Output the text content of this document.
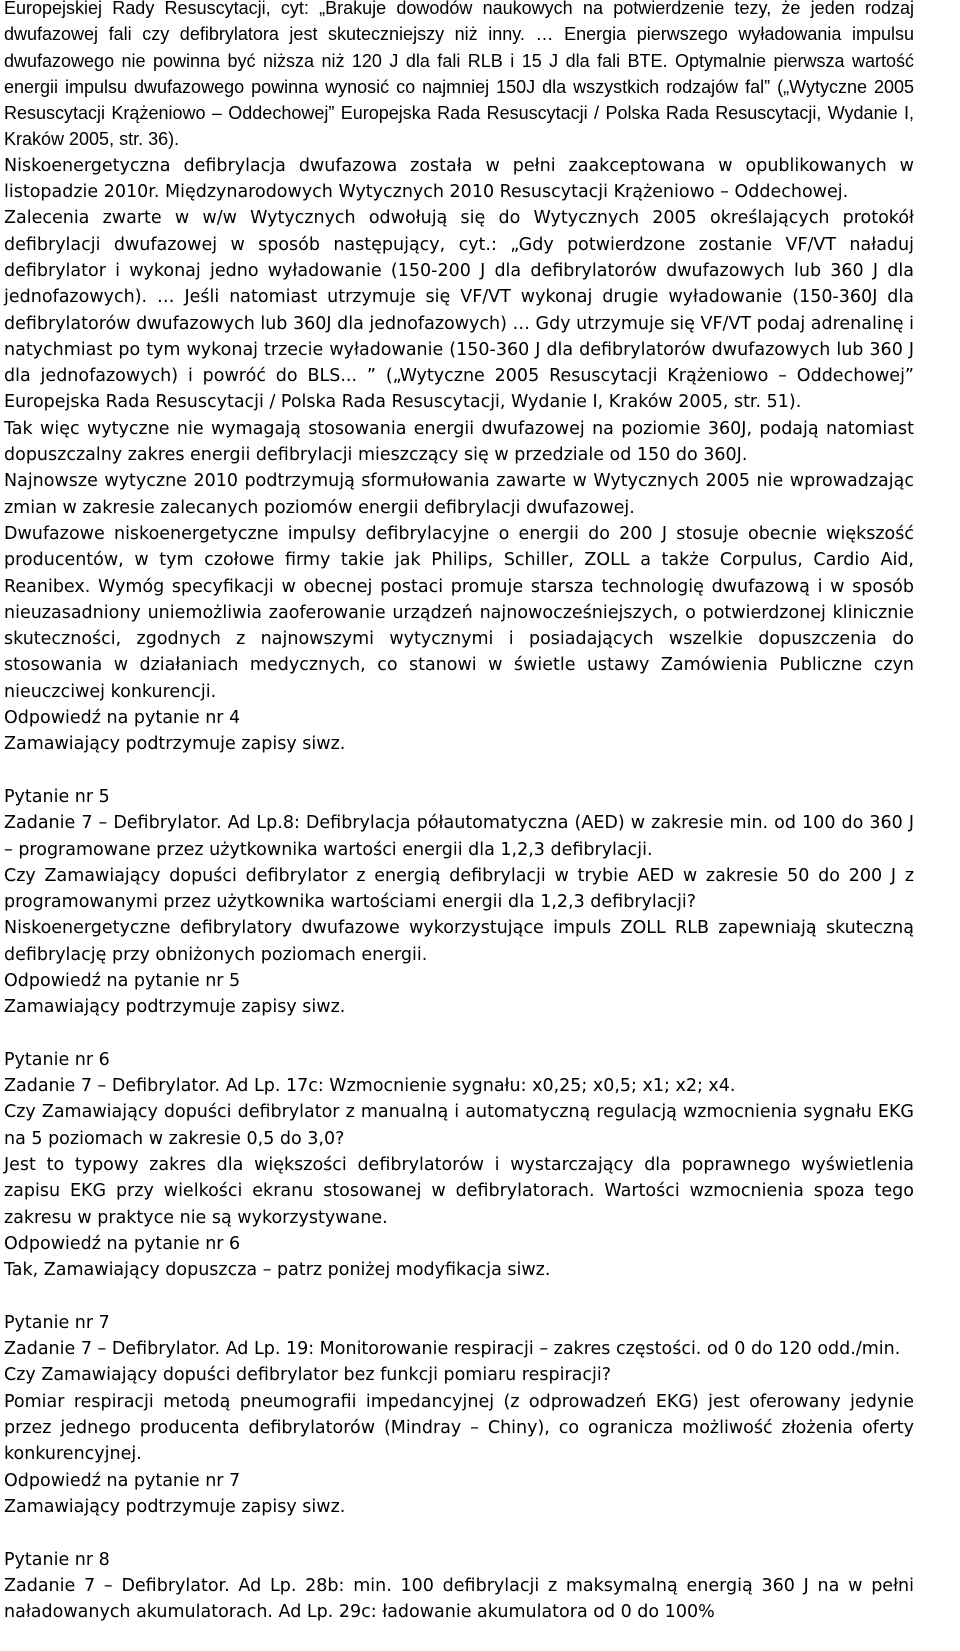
Europejskiej Rady Resuscytacji, cyt: „Brakuje dowodów naukowych na potwierdzenie tezy, że jeden rodzaj dwufazowej fali czy defibrylatora jest skuteczniejszy niż inny. … Energia pierwszego wyładowania impulsu dwufazowego nie powinna być niższa niż 120 J dla fali RLB i 15 J dla fali BTE. Optymalnie pierwsza wartość energii impulsu dwufazowego powinna wynosić co najmniej 150J dla wszystkich rodzajów fal” („Wytyczne 2005 Resuscytacji Krążeniowo – Oddechowej” Europejska Rada Resuscytacji / Polska Rada Resuscytacji, Wydanie I, Kraków 2005, str. 36).

Niskoenergetyczna defibrylacja dwufazowa została w pełni zaakceptowana w opublikowanych w listopadzie 2010r. Międzynarodowych Wytycznych 2010 Resuscytacji Krążeniowo – Oddechowej.

Zalecenia zwarte w w/w Wytycznych odwołują się do Wytycznych 2005 określających protokół defibrylacji dwufazowej w sposób następujący, cyt.: „Gdy potwierdzone zostanie VF/VT naładuj defibrylator i wykonaj jedno wyładowanie (150-200 J dla defibrylatorów dwufazowych lub 360 J dla jednofazowych). … Jeśli natomiast utrzymuje się VF/VT wykonaj drugie wyładowanie (150-360J dla defibrylatorów dwufazowych lub 360J dla jednofazowych) … Gdy utrzymuje się VF/VT podaj adrenalinę i natychmiast po tym wykonaj trzecie wyładowanie (150-360 J dla defibrylatorów dwufazowych lub 360 J dla jednofazowych) i powróć do BLS... ” („Wytyczne 2005 Resuscytacji Krążeniowo – Oddechowej” Europejska Rada Resuscytacji / Polska Rada Resuscytacji, Wydanie I, Kraków 2005, str. 51).

Tak więc wytyczne nie wymagają stosowania energii dwufazowej na poziomie 360J, podają natomiast dopuszczalny zakres energii defibrylacji mieszczący się w przedziale od 150 do 360J.

Najnowsze wytyczne 2010 podtrzymują sformułowania zawarte w Wytycznych 2005 nie wprowadzając zmian w zakresie zalecanych poziomów energii defibrylacji dwufazowej.

Dwufazowe niskoenergetyczne impulsy defibrylacyjne o energii do 200 J stosuje obecnie większość producentów, w tym czołowe firmy takie jak Philips, Schiller, ZOLL a także Corpulus, Cardio Aid, Reanibex. Wymóg specyfikacji w obecnej postaci promuje starsza technologię dwufazową i w sposób nieuzasadniony uniemożliwia zaoferowanie urządzeń najnowocześniejszych, o potwierdzonej klinicznie skuteczności, zgodnych z najnowszymi wytycznymi i posiadających wszelkie dopuszczenia do stosowania w działaniach medycznych, co stanowi w świetle ustawy Zamówienia Publiczne czyn nieuczciwej konkurencji.

Odpowiedź na pytanie nr 4

Zamawiający podtrzymuje zapisy siwz.

Pytanie nr 5

Zadanie 7 – Defibrylator. Ad Lp.8: Defibrylacja półautomatyczna (AED) w zakresie min. od 100 do 360 J – programowane przez użytkownika wartości energii dla 1,2,3 defibrylacji.

Czy Zamawiający dopuści defibrylator z energią defibrylacji w trybie AED w zakresie 50 do 200 J z programowanymi przez użytkownika wartościami energii dla 1,2,3 defibrylacji?

Niskoenergetyczne defibrylatory dwufazowe wykorzystujące impuls ZOLL RLB zapewniają skuteczną defibrylację przy obniżonych poziomach energii.

Odpowiedź na pytanie nr 5

Zamawiający podtrzymuje zapisy siwz.

Pytanie nr 6

Zadanie 7 – Defibrylator. Ad Lp. 17c: Wzmocnienie sygnału: x0,25; x0,5; x1; x2; x4.

Czy Zamawiający dopuści defibrylator z manualną i automatyczną regulacją wzmocnienia sygnału EKG na 5 poziomach w zakresie 0,5 do 3,0?

Jest to typowy zakres dla większości defibrylatorów i wystarczający dla poprawnego wyświetlenia zapisu EKG przy wielkości ekranu stosowanej w defibrylatorach. Wartości wzmocnienia spoza tego zakresu w praktyce nie są wykorzystywane.

Odpowiedź na pytanie nr 6

Tak, Zamawiający dopuszcza – patrz poniżej modyfikacja siwz.

Pytanie nr 7

Zadanie 7 – Defibrylator. Ad Lp. 19: Monitorowanie respiracji – zakres częstości. od 0 do 120 odd./min.

Czy Zamawiający dopuści defibrylator bez funkcji pomiaru respiracji?

Pomiar respiracji metodą pneumografii impedancyjnej (z odprowadzeń EKG) jest oferowany jedynie przez jednego producenta defibrylatorów (Mindray – Chiny), co ogranicza możliwość złożenia oferty konkurencyjnej.

Odpowiedź na pytanie nr 7

Zamawiający podtrzymuje zapisy siwz.

Pytanie nr 8

Zadanie 7 – Defibrylator. Ad Lp. 28b: min. 100 defibrylacji z maksymalną energią 360 J na w pełni naładowanych akumulatorach. Ad Lp. 29c: ładowanie akumulatora od 0 do 100%
